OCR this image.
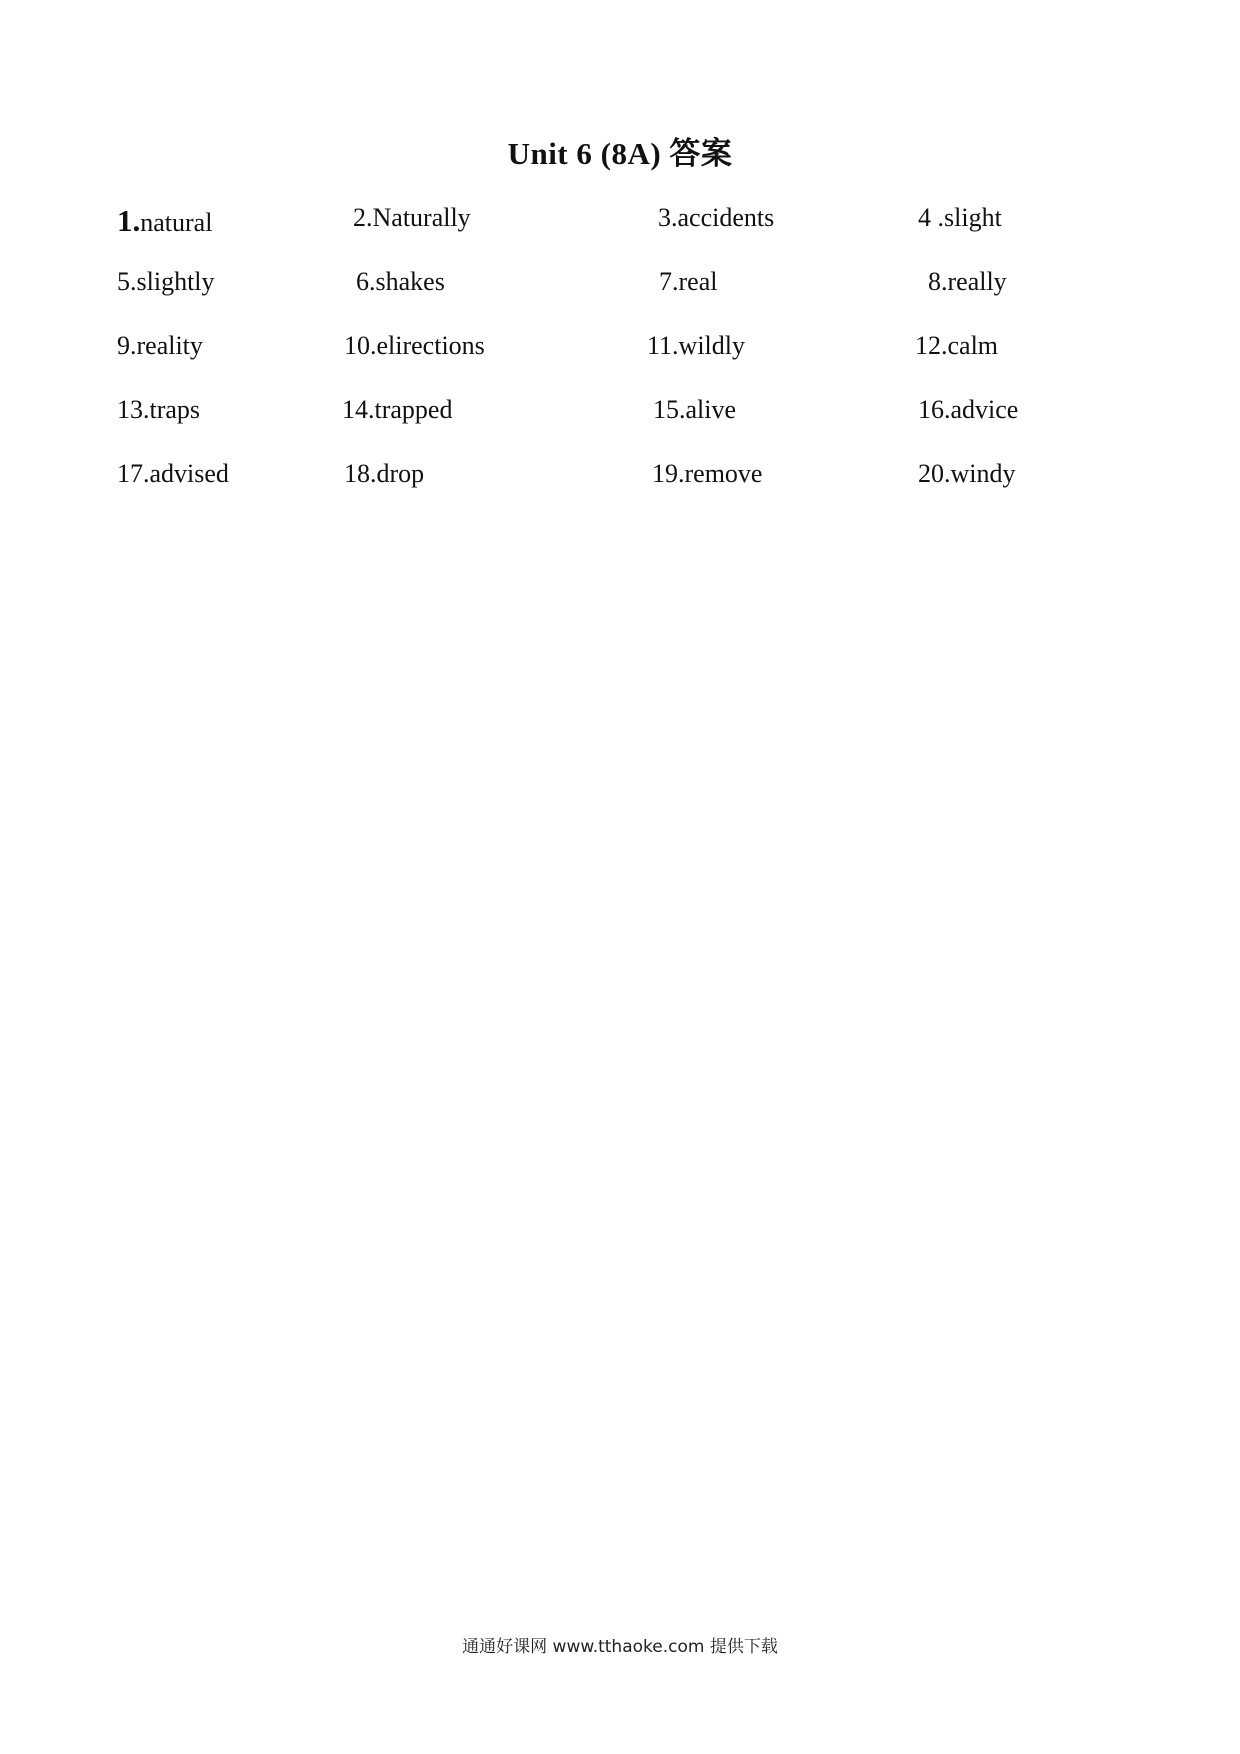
Unit 6 (8A) 答案
1.natural	2.Naturally	3.accidents	4 .slight
5.slightly	6.shakes	7.real	8.really
9.reality	10.elirections	11.wildly	12.calm
13.traps	14.trapped	15.alive	16.advice
17.advised	18.drop	19.remove	20.windy
通通好课网 www.tthaoke.com 提供下载
